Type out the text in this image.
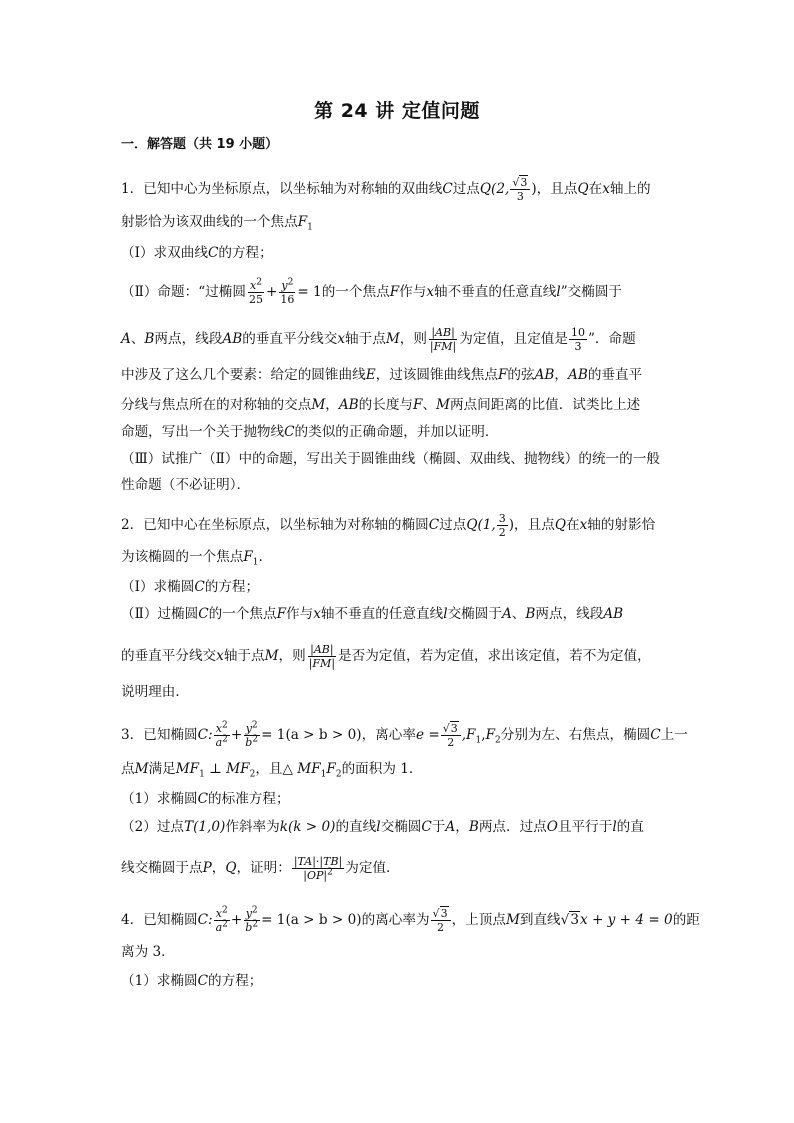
第 24 讲 定值问题
一．解答题（共 19 小题）
1．已知中心为坐标原点，以坐标轴为对称轴的双曲线C过点Q(2, $\frac{√3}{3}$ )，且点Q在x轴上的
射影恰为该双曲线的一个焦点$F_1$
（Ⅰ）求双曲线C的方程；
（Ⅱ）命题：“过椭圆 $\frac{x^2}{25} + \frac{y^2}{16} = 1$的一个焦点F作与x轴不垂直的任意直线l”交椭圆于
A、B两点，线段AB的垂直平分线交x轴于点M，则 $\frac{|AB|}{|FM|}$ 为定值，且定值是 $\frac{10}{3}$ ”．命题
中涉及了这么几个要素：给定的圆锥曲线E，过该圆锥曲线焦点F的弦AB，AB的垂直平
分线与焦点所在的对称轴的交点M，AB的长度与F、M两点间距离的比值．试类比上述
命题，写出一个关于抛物线C的类似的正确命题，并加以证明．
（Ⅲ）试推广（Ⅱ）中的命题，写出关于圆锥曲线（椭圆、双曲线、抛物线）的统一的一般
性命题（不必证明）．
2．已知中心在坐标原点，以坐标轴为对称轴的椭圆C过点Q(1, $\frac{3}{2}$ )，且点Q在x轴的射影恰
为该椭圆的一个焦点$F_1$.
（Ⅰ）求椭圆C的方程；
（Ⅱ）过椭圆C的一个焦点F作与x轴不垂直的任意直线l交椭圆于A、B两点，线段AB
的垂直平分线交x轴于点M，则 $\frac{|AB|}{|FM|}$ 是否为定值，若为定值，求出该定值，若不为定值，
说明理由．
3．已知椭圆C: $\frac{x^2}{a^2} + \frac{y^2}{b^2} = 1(a > b > 0)$，离心率$e = \frac{√3}{2} ,F_1,F_2$分别为左、右焦点，椭圆C上一
点M满足$MF_1$ ⊥ $MF_2$，且△ $MF_1F_2$的面积为 1．
（1）求椭圆C的标准方程；
（2）过点T(1,0)作斜率为k(k > 0)的直线l交椭圆C于A，B两点．过点O且平行于l的直
线交椭圆于点P，Q，证明： $\frac{|TA|\cdot|TB|}{|OP|^2}$ 为定值．
4．已知椭圆C: $\frac{x^2}{a^2} + \frac{y^2}{b^2} = 1(a > b > 0)$的离心率为 $\frac{√3}{2}$ ，上顶点M到直线√3x + y + 4 = 0的距
离为 3．
（1）求椭圆C的方程；
